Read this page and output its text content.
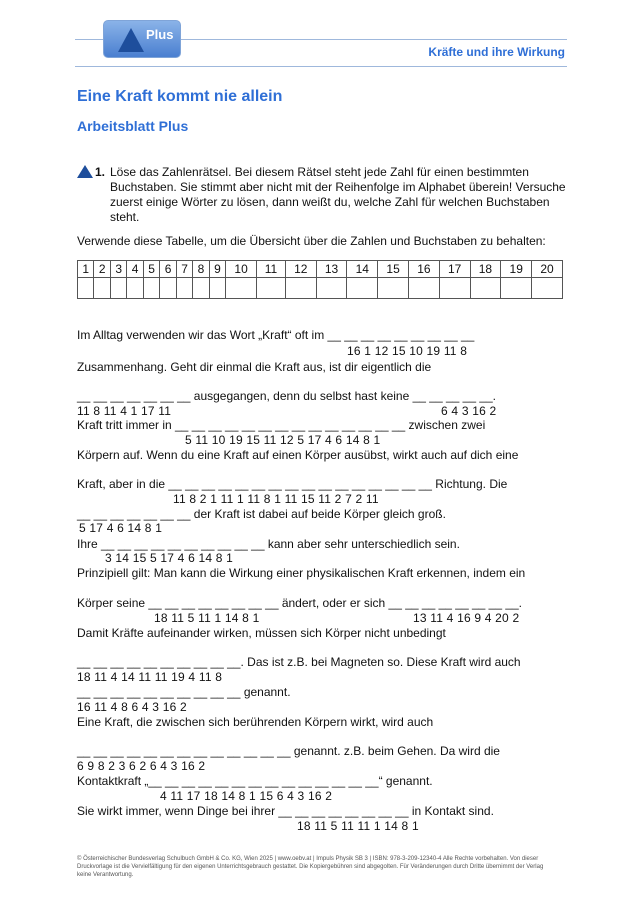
Plus
Kräfte und ihre Wirkung
Eine Kraft kommt nie allein
Arbeitsblatt Plus
1. Löse das Zahlenrätsel. Bei diesem Rätsel steht jede Zahl für einen bestimmten Buchstaben. Sie stimmt aber nicht mit der Reihenfolge im Alphabet überein! Versuche zuerst einige Wörter zu lösen, dann weißt du, welche Zahl für welchen Buchstaben steht.
Verwende diese Tabelle, um die Übersicht über die Zahlen und Buchstaben zu behalten:
1	2	3	4	5	6	7	8	9	10	11	12	13	14	15	16	17	18	19	20

Im Alltag verwenden wir das Wort „Kraft“ oft im __ __ __ __ __ __ __ __ __
16 1 12 15 10 19 11 8
Zusammenhang. Geht dir einmal die Kraft aus, ist dir eigentlich die
__ __ __ __ __ __ __ ausgegangen, denn du selbst hast keine __ __ __ __ __.
11 8 11 4 1 17 11	6 4 3 16 2
Kraft tritt immer in __ __ __ __ __ __ __ __ __ __ __ __ __ __ zwischen zwei
5 11 10 19 15 11 12 5 17 4 6 14 8 1
Körpern auf. Wenn du eine Kraft auf einen Körper ausübst, wirkt auch auf dich eine
Kraft, aber in die __ __ __ __ __ __ __ __ __ __ __ __ __ __ __ __ Richtung. Die
11 8 2 1 11 1 11 8 1 11 15 11 2 7 2 11
__ __ __ __ __ __ __ der Kraft ist dabei auf beide Körper gleich groß.
5 17 4 6 14 8 1
Ihre __ __ __ __ __ __ __ __ __ __ kann aber sehr unterschiedlich sein.
3 14 15 5 17 4 6 14 8 1
Prinzipiell gilt: Man kann die Wirkung einer physikalischen Kraft erkennen, indem ein
Körper seine __ __ __ __ __ __ __ __ ändert, oder er sich __ __ __ __ __ __ __ __.
18 11 5 11 1 14 8 1	13 11 4 16 9 4 20 2
Damit Kräfte aufeinander wirken, müssen sich Körper nicht unbedingt
__ __ __ __ __ __ __ __ __ __. Das ist z.B. bei Magneten so. Diese Kraft wird auch
18 11 4 14 11 11 19 4 11 8
__ __ __ __ __ __ __ __ __ __ genannt.
16 11 4 8 6 4 3 16 2
Eine Kraft, die zwischen sich berührenden Körpern wirkt, wird auch
__ __ __ __ __ __ __ __ __ __ __ __ __ genannt. z.B. beim Gehen. Da wird die
6 9 8 2 3 6 2 6 4 3 16 2
Kontaktkraft „__ __ __ __ __ __ __ __ __ __ __ __ __ __“ genannt.
4 11 17 18 14 8 1 15 6 4 3 16 2
Sie wirkt immer, wenn Dinge bei ihrer __ __ __ __ __ __ __ __ in Kontakt sind.
18 11 5 11 11 1 14 8 1
© Österreichischer Bundesverlag Schulbuch GmbH & Co. KG, Wien 2025 | www.oebv.at | Impuls Physik SB 3 | ISBN: 978-3-209-12340-4 Alle Rechte vorbehalten. Von dieser Druckvorlage ist die Vervielfältigung für den eigenen Unterrichtsgebrauch gestattet. Die Kopiergebühren sind abgegolten. Für Veränderungen durch Dritte übernimmt der Verlag keine Verantwortung.
